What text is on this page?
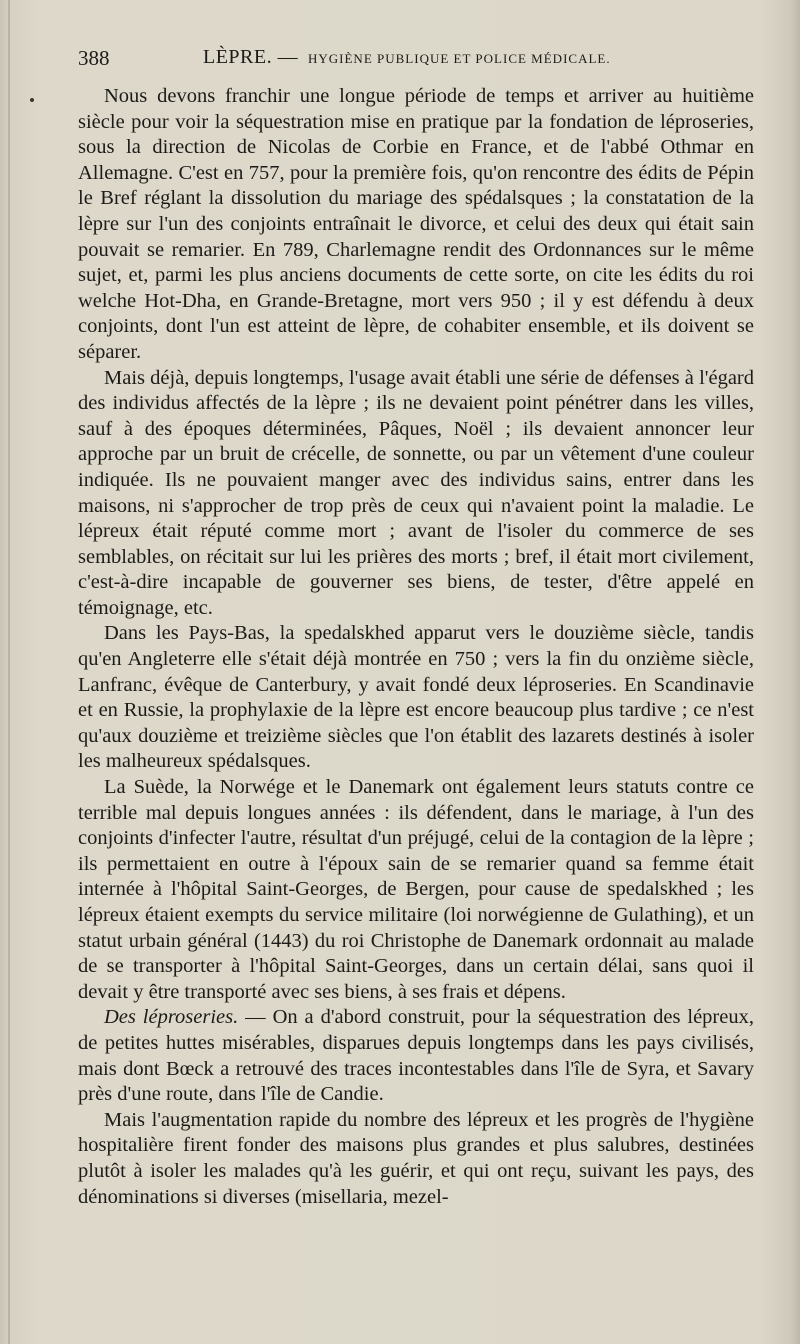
388	LÈPRE. — HYGIÈNE PUBLIQUE ET POLICE MÉDICALE.

Nous devons franchir une longue période de temps et arriver au huitième siècle pour voir la séquestration mise en pratique par la fondation de léproseries, sous la direction de Nicolas de Corbie en France, et de l'abbé Othmar en Allemagne. C'est en 757, pour la première fois, qu'on rencontre des édits de Pépin le Bref réglant la dissolution du mariage des spédalsques ; la constatation de la lèpre sur l'un des conjoints entraînait le divorce, et celui des deux qui était sain pouvait se remarier. En 789, Charlemagne rendit des Ordonnances sur le même sujet, et, parmi les plus anciens documents de cette sorte, on cite les édits du roi welche Hot-Dha, en Grande-Bretagne, mort vers 950 ; il y est défendu à deux conjoints, dont l'un est atteint de lèpre, de cohabiter ensemble, et ils doivent se séparer.

Mais déjà, depuis longtemps, l'usage avait établi une série de défenses à l'égard des individus affectés de la lèpre ; ils ne devaient point pénétrer dans les villes, sauf à des époques déterminées, Pâques, Noël ; ils devaient annoncer leur approche par un bruit de crécelle, de sonnette, ou par un vêtement d'une couleur indiquée. Ils ne pouvaient manger avec des individus sains, entrer dans les maisons, ni s'approcher de trop près de ceux qui n'avaient point la maladie. Le lépreux était réputé comme mort ; avant de l'isoler du commerce de ses semblables, on récitait sur lui les prières des morts ; bref, il était mort civilement, c'est-à-dire incapable de gouverner ses biens, de tester, d'être appelé en témoignage, etc.

Dans les Pays-Bas, la spedalskhed apparut vers le douzième siècle, tandis qu'en Angleterre elle s'était déjà montrée en 750 ; vers la fin du onzième siècle, Lanfranc, évêque de Canterbury, y avait fondé deux léproseries. En Scandinavie et en Russie, la prophylaxie de la lèpre est encore beaucoup plus tardive ; ce n'est qu'aux douzième et treizième siècles que l'on établit des lazarets destinés à isoler les malheureux spédalsques.

La Suède, la Norwége et le Danemark ont également leurs statuts contre ce terrible mal depuis longues années : ils défendent, dans le mariage, à l'un des conjoints d'infecter l'autre, résultat d'un préjugé, celui de la contagion de la lèpre ; ils permettaient en outre à l'époux sain de se remarier quand sa femme était internée à l'hôpital Saint-Georges, de Bergen, pour cause de spedalskhed ; les lépreux étaient exempts du service militaire (loi norwégienne de Gulathing), et un statut urbain général (1443) du roi Christophe de Danemark ordonnait au malade de se transporter à l'hôpital Saint-Georges, dans un certain délai, sans quoi il devait y être transporté avec ses biens, à ses frais et dépens.

Des léproseries. — On a d'abord construit, pour la séquestration des lépreux, de petites huttes misérables, disparues depuis longtemps dans les pays civilisés, mais dont Bœck a retrouvé des traces incontestables dans l'île de Syra, et Savary près d'une route, dans l'île de Candie.

Mais l'augmentation rapide du nombre des lépreux et les progrès de l'hygiène hospitalière firent fonder des maisons plus grandes et plus salubres, destinées plutôt à isoler les malades qu'à les guérir, et qui ont reçu, suivant les pays, des dénominations si diverses (misellaria, mezel-
